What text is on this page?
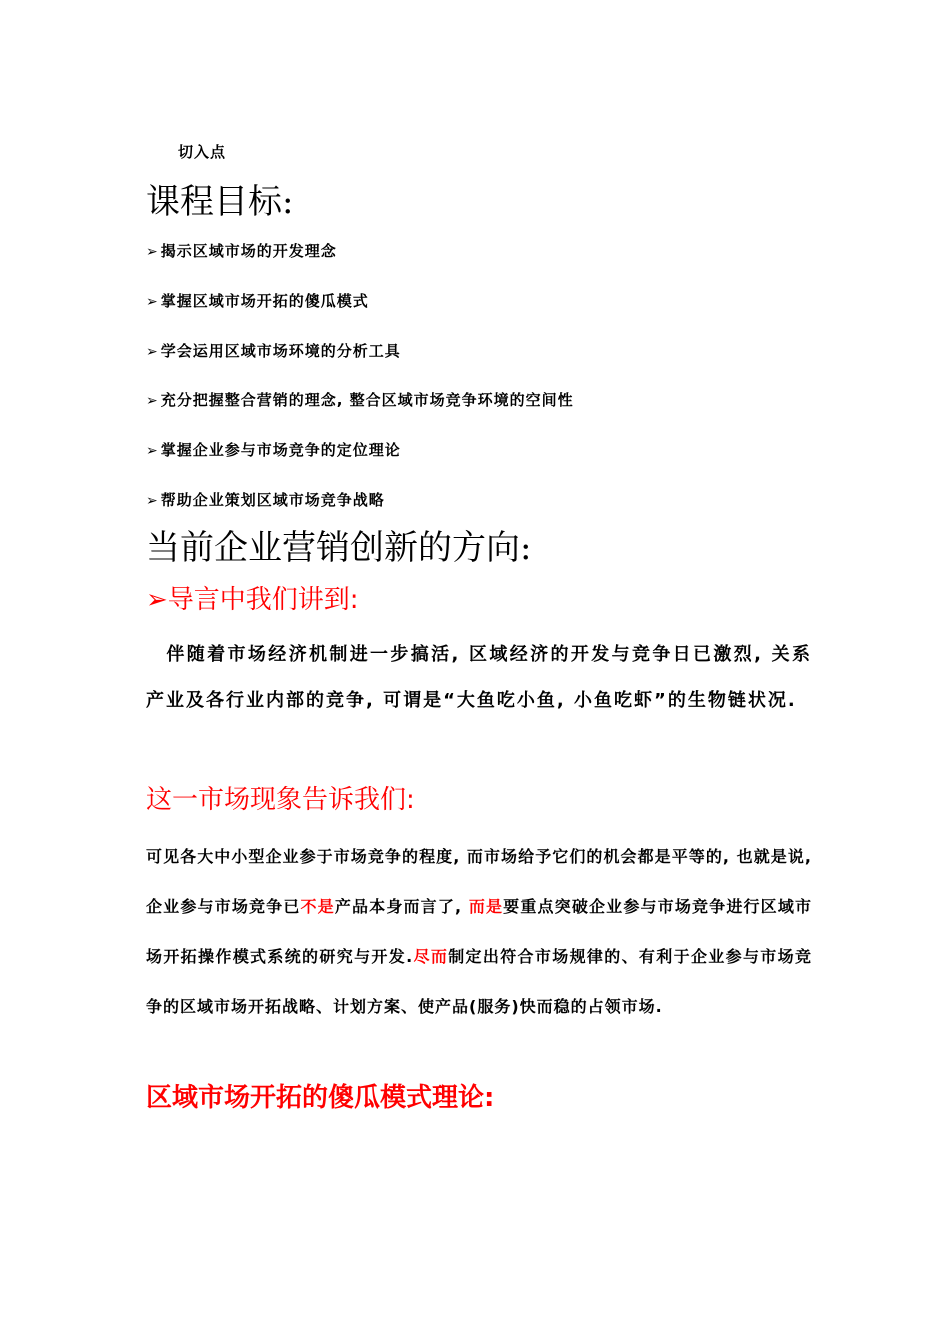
切入点
课程目标:
➢ 揭示区域市场的开发理念
➢ 掌握区域市场开拓的傻瓜模式
➢ 学会运用区域市场环境的分析工具
➢ 充分把握整合营销的理念, 整合区域市场竞争环境的空间性
➢ 掌握企业参与市场竞争的定位理论
➢ 帮助企业策划区域市场竞争战略
当前企业营销创新的方向:
➢导言中我们讲到:
　伴随着市场经济机制进一步搞活, 区域经济的开发与竞争日已激烈, 关系产业及各行业内部的竞争, 可谓是“大鱼吃小鱼, 小鱼吃虾”的生物链状况.
这一市场现象告诉我们:
可见各大中小型企业参于市场竞争的程度, 而市场给予它们的机会都是平等的, 也就是说, 企业参与市场竞争已不是产品本身而言了, 而是要重点突破企业参与市场竞争进行区域市场开拓操作模式系统的研究与开发.尽而制定出符合市场规律的、有利于企业参与市场竞争的区域市场开拓战略、计划方案、使产品(服务)快而稳的占领市场.
区域市场开拓的傻瓜模式理论:
